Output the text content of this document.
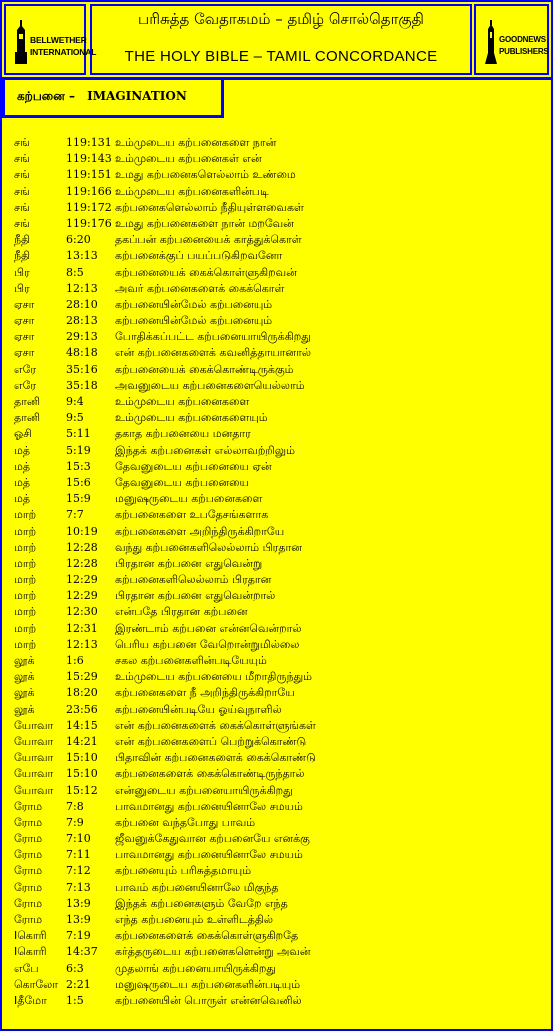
BELLWETHER
INTERNATIONAL
பரிசுத்த வேதாகமம் – தமிழ் சொல்தொகுதி
THE HOLY BIBLE – TAMIL CONCORDANCE
GOODNEWS
PUBLISHERS
கற்பனை – IMAGINATION
சங்	119:131 உம்முடைய கற்பனைகளை நான்
சங்	119:143 உம்முடைய கற்பனைகள் என்
சங்	119:151 உமது கற்பனைகளெல்லாம் உண்மை
சங்	119:166 உம்முடைய கற்பனைகளின்படி
சங்	119:172 கற்பனைகளெல்லாம் நீதியுள்ளவைகள்
சங்	119:176 உமது கற்பனைகளை நான் மறவேன்
நீதி	6:20 தகப்பன் கற்பனையைக் காத்துக்கொள்
நீதி	13:13 கற்பனைக்குப் பயப்படுகிறவனோ
பிர	8:5	கற்பனையைக் கைக்கொள்ளுகிறவன்
பிர	12:13 அவர் கற்பனைகளைக் கைக்கொள்
ஏசா	28:10 கற்பனையின்மேல் கற்பனையும்
ஏசா	28:13 கற்பனையின்மேல் கற்பனையும்
ஏசா	29:13 போதிக்கப்பட்ட கற்பனையாயிருக்கிறது
ஏசா	48:18 என் கற்பனைகளைக் கவனித்தாயானால்
எரே	35:16 கற்பனையைக் கைக்கொண்டிருக்கும்
எரே	35:18 அவனுடைய கற்பனைகளையெல்லாம்
தானி 9:4	உம்முடைய கற்பனைகளை
தானி 9:5	உம்முடைய கற்பனைகளையும்
ஓசி	5:11 தகாத கற்பனையை மனதார
மத்	5:19 இந்தக் கற்பனைகள் எல்லாவற்றிலும்
மத்	15:3 தேவனுடைய கற்பனையை ஏன்
மத்	15:6 தேவனுடைய கற்பனையை
மத்	15:9 மனுஷருடைய கற்பனைகளை
மாற்	7:7	கற்பனைகளை உபதேசங்களாக
மாற்	10:19 கற்பனைகளை அறிந்திருக்கிறாயே
மாற்	12:28 வந்து கற்பனைகளிலெல்லாம் பிரதான
மாற்	12:28 பிரதான கற்பனை எதுவென்று
மாற்	12:29 கற்பனைகளிலெல்லாம் பிரதான
மாற்	12:29 பிரதான கற்பனை எதுவென்றால்
மாற்	12:30 என்பதே பிரதான கற்பனை
மாற்	12:31 இரண்டாம் கற்பனை என்னவென்றால்
மாற்	12:13 பெரிய கற்பனை வேறொன்றுமில்லை
லூக்	1:6	சகல கற்பனைகளின்படியேயும்
லூக்	15:29 உம்முடைய கற்பனையை மீறாதிருந்தும்
லூக்	18:20 கற்பனைகளை நீ அறிந்திருக்கிறாயே
லூக்	23:56 கற்பனையின்படியே ஓய்வுநாளில்
யோவா 14:15 என் கற்பனைகளைக் கைக்கொள்ளுங்கள்
யோவா 14:21 என் கற்பனைகளைப் பெற்றுக்கொண்டு
யோவா 15:10 பிதாவின் கற்பனைகளைக் கைக்கொண்டு
யோவா 15:10 கற்பனைகளைக் கைக்கொண்டிருந்தால்
யோவா 15:12 என்னுடைய கற்பனையாயிருக்கிறது
ரோம 7:8	பாவமானது கற்பனையினாலே சமயம்
ரோம 7:9	கற்பனை வந்தபோது பாவம்
ரோம 7:10 ஜீவனுக்கேதுவான கற்பனையே எனக்கு
ரோம 7:11 பாவமானது கற்பனையினாலே சமயம்
ரோம 7:12 கற்பனையும் பரிசுத்தமாயும்
ரோம 7:13 பாவம் கற்பனையினாலே மிகுந்த
ரோம 13:9 இந்தக் கற்பனைகளும் வேறே எந்த
ரோம 13:9 எந்த கற்பனையும் உள்ளிடத்தில்
Iகொரி 7:19 கற்பனைகளைக் கைக்கொள்ளுகிறதே
Iகொரி 14:37 கர்த்தருடைய கற்பனைகளென்று அவன்
எபே 6:3	முதலாங் கற்பனையாயிருக்கிறது
கொலோ 2:21 மனுஷருடைய கற்பனைகளின்படியும்
Iதீமோ 1:5	கற்பனையின் பொருள் என்னவெனில்
